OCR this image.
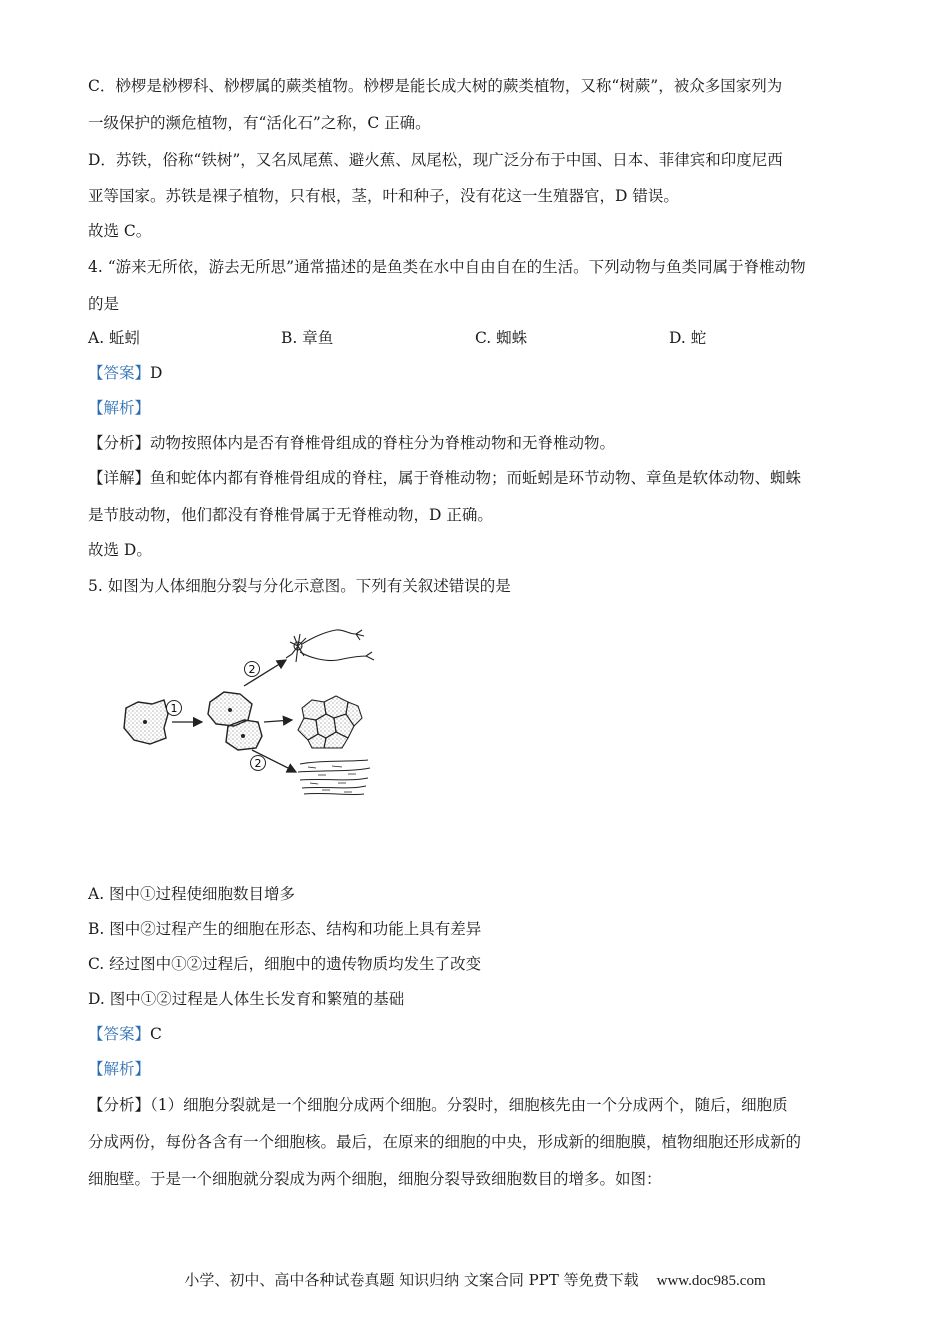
C．桫椤是桫椤科、桫椤属的蕨类植物。桫椤是能长成大树的蕨类植物，又称“树蕨”，被众多国家列为
一级保护的濒危植物，有“活化石”之称，C 正确。
D．苏铁，俗称“铁树”，又名凤尾蕉、避火蕉、凤尾松，现广泛分布于中国、日本、菲律宾和印度尼西
亚等国家。苏铁是裸子植物，只有根，茎，叶和种子，没有花这一生殖器官，D 错误。
故选 C。
4. “游来无所依，游去无所思”通常描述的是鱼类在水中自由自在的生活。下列动物与鱼类同属于脊椎动物
的是
A. 蚯蚓	B. 章鱼	C. 蜘蛛	D. 蛇
【答案】D
【解析】
【分析】动物按照体内是否有脊椎骨组成的脊柱分为脊椎动物和无脊椎动物。
【详解】鱼和蛇体内都有脊椎骨组成的脊柱，属于脊椎动物；而蚯蚓是环节动物、章鱼是软体动物、蜘蛛
是节肢动物，他们都没有脊椎骨属于无脊椎动物，D 正确。
故选 D。
5. 如图为人体细胞分裂与分化示意图。下列有关叙述错误的是
1
2
2
A. 图中①过程使细胞数目增多
B. 图中②过程产生的细胞在形态、结构和功能上具有差异
C. 经过图中①②过程后，细胞中的遗传物质均发生了改变
D. 图中①②过程是人体生长发育和繁殖的基础
【答案】C
【解析】
【分析】（1）细胞分裂就是一个细胞分成两个细胞。分裂时，细胞核先由一个分成两个，随后，细胞质
分成两份，每份各含有一个细胞核。最后，在原来的细胞的中央，形成新的细胞膜，植物细胞还形成新的
细胞壁。于是一个细胞就分裂成为两个细胞，细胞分裂导致细胞数目的增多。如图：
小学、初中、高中各种试卷真题 知识归纳 文案合同 PPT 等免费下载 www.doc985.com
